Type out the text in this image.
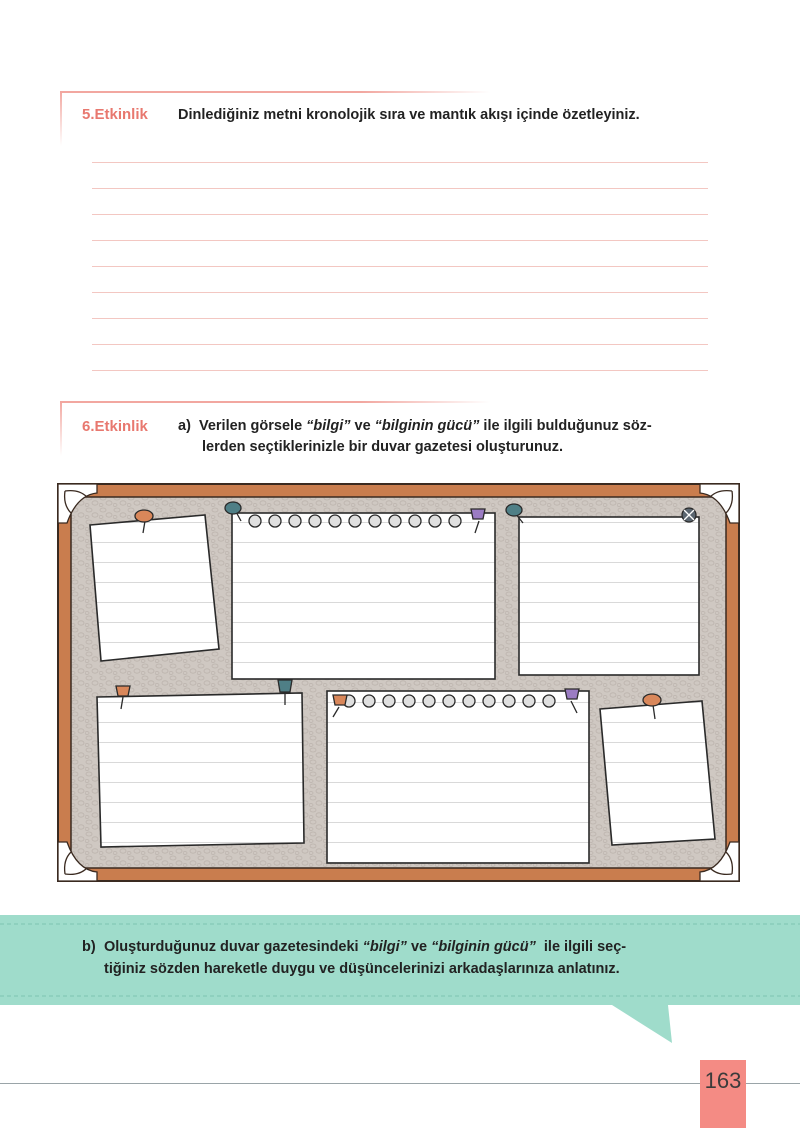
5.Etkinlik Dinlediğiniz metni kronolojik sıra ve mantık akışı içinde özetleyiniz.
6.Etkinlik a) Verilen görsele “bilgi” ve “bilginin gücü” ile ilgili bulduğunuz söz-
lerden seçtiklerinizle bir duvar gazetesi oluşturunuz.
b) Oluşturduğunuz duvar gazetesindeki “bilgi” ve “bilginin gücü”  ile ilgili seç-
tiğiniz sözden hareketle duygu ve düşüncelerinizi arkadaşlarınıza anlatınız.
163
